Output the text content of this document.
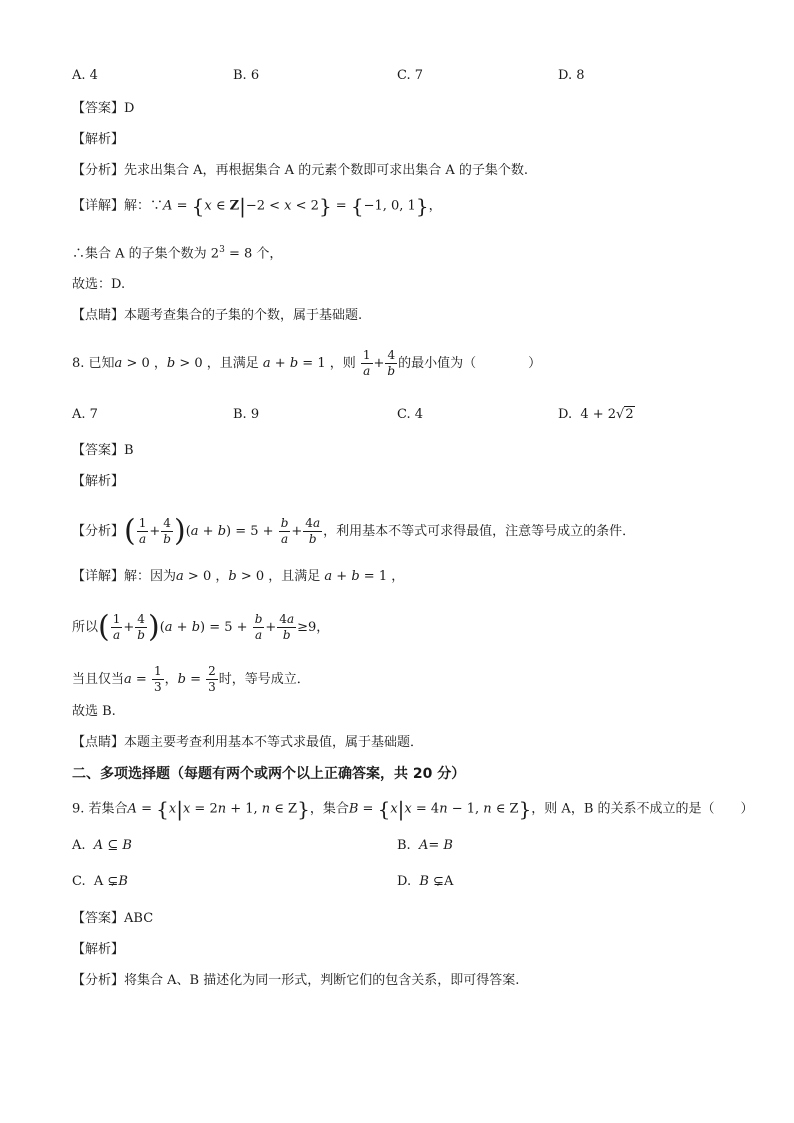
A. 4	B. 6	C. 7	D. 8
【答案】D
【解析】
【分析】先求出集合 A，再根据集合 A 的元素个数即可求出集合 A 的子集个数.
【详解】解：∵A = {x ∈ Z|−2 < x < 2} = {−1, 0, 1}，
∴集合 A 的子集个数为 $2^3 = 8$ 个，
故选：D.
【点睛】本题考查集合的子集的个数，属于基础题.
8. 已知a > 0 ，b > 0 ，且满足 a + b = 1 ，则 $\frac{1}{a} + \frac{4}{b}$ 的最小值为（　　　　）
A. 7	B. 9	C. 4	D.  4 + 2√2
【答案】B
【解析】
【分析】( $\frac{1}{a} + \frac{4}{b} )(a + b) = 5 + \frac{b}{a} + \frac{4a}{b}$ ，利用基本不等式可求得最值，注意等号成立的条件．
【详解】解：因为a > 0 ，b > 0 ，且满足 a + b = 1 ，
所以( $\frac{1}{a} + \frac{4}{b} )(a + b) = 5 + \frac{b}{a} + \frac{4a}{b} \ge 9$，
当且仅当$a = \frac{1}{3}$ ，$b = \frac{2}{3}$ 时，等号成立．
故选 B.
【点睛】本题主要考查利用基本不等式求最值，属于基础题．
二、多项选择题（每题有两个或两个以上正确答案，共 20 分）
9. 若集合A = {x|x = 2n + 1, n ∈ Z}，集合B = {x|x = 4n − 1, n ∈ Z}，则 A，B 的关系不成立的是（　　）
A. A ⊆ B	B. A= B
C.  A ⊊B	D. B ⊊A
【答案】ABC
【解析】
【分析】将集合 A、B 描述化为同一形式，判断它们的包含关系，即可得答案.
